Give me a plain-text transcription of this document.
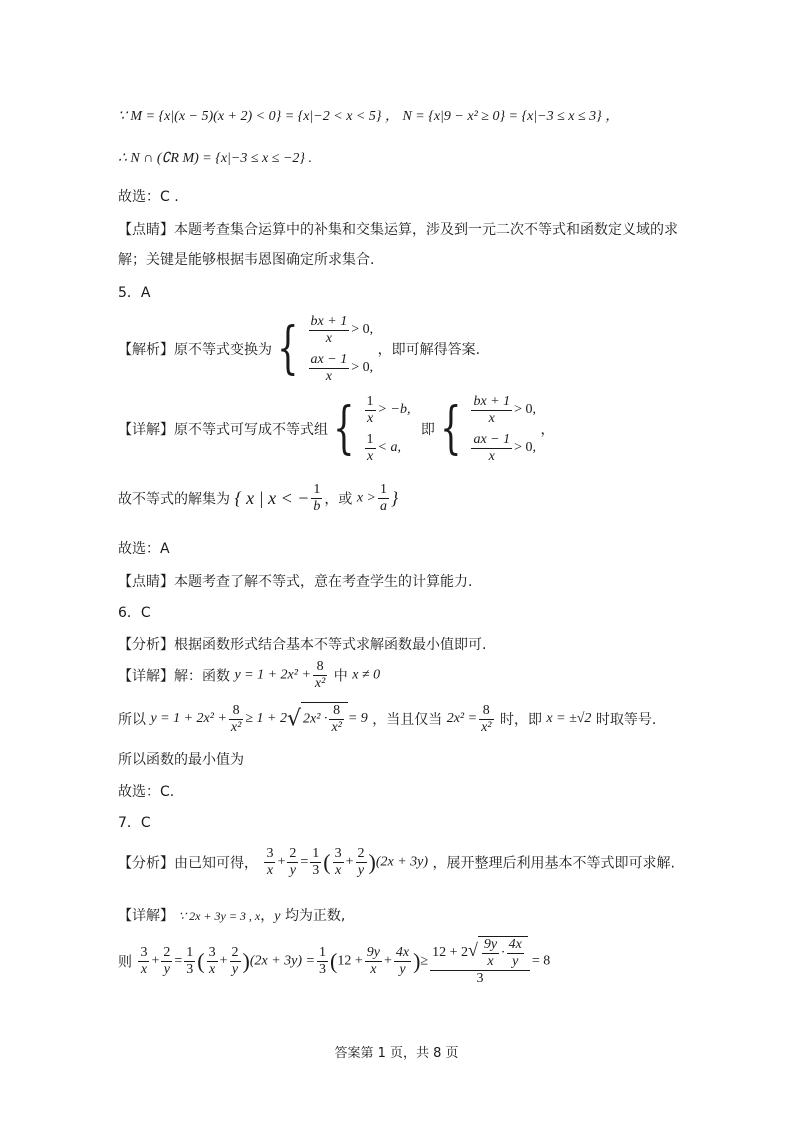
∵ M = {x|(x − 5)(x + 2) < 0} = {x|−2 < x < 5} ， N = {x|9 − x² ≥ 0} = {x|−3 ≤ x ≤ 3} ，
∴ N ∩ (∁R M) = {x|−3 ≤ x ≤ −2} .
故选：C .
【点睛】本题考查集合运算中的补集和交集运算，涉及到一元二次不等式和函数定义域的求
解；关键是能够根据韦恩图确定所求集合.
5．A
【解析】原不等式变换为 { $\frac{bx + 1}{x} > 0$,
$\frac{ax - 1}{x} > 0$,
，即可解得答案.
【详解】原不等式可写成不等式组 { $\frac{1}{x} > -b$,
$\frac{1}{x} < a$,
即 { $\frac{bx + 1}{x} > 0$,
$\frac{ax - 1}{x} > 0$,
，
故不等式的解集为 { x | x < − $\frac{1}{b}$ ，或 $x > \frac{1}{a}$ }
故选：A
【点睛】本题考查了解不等式，意在考查学生的计算能力.
6．C
【分析】根据函数形式结合基本不等式求解函数最小值即可.
【详解】解：函数 $y = 1 + 2x^2 + \frac{8}{\text{x²}}$ 中 x ≠ 0
所以 $y = 1 + 2x^2 + \frac{8}{\text{x²}} \ge 1 + 2√$ $2x^2 \cdot \frac{8}{\text{x²}} = 9$ ，当且仅当 $2x^2 = \frac{8}{\text{x²}}$ 时，即 x = ±√2 时取等号.
所以函数的最小值为
故选：C.
7．C
【分析】由已知可得， $\frac{3}{x} + \frac{2}{y} = \frac{1}{3}$ ( $\frac{3}{x} + \frac{2}{y} )(2x + 3y)$ ，展开整理后利用基本不等式即可求解.
【详解】 ∵ 2x + 3y = 3 , x，y 均为正数,
则 $\frac{3}{x} + \frac{2}{y} = \frac{1}{3}$ ( $\frac{3}{x} + \frac{2}{y} )(2x + 3y) = \frac{1}{3} (12 + \frac{9y}{x} + \frac{4x}{y}$ )≥ $\frac{12 + 2√ \frac{9y}{x} \cdot \frac{4x}{y}}{3} = 8$
答案第 1 页，共 8 页
